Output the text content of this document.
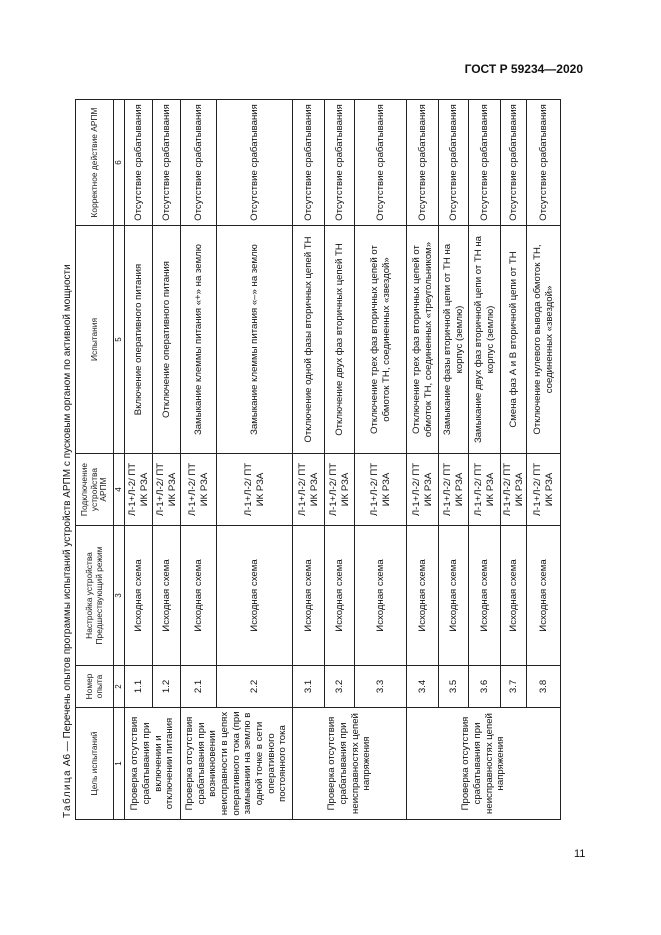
ГОСТ Р 59234—2020
Таблица А6 — Перечень опытов программы испытаний устройств АРПМ с пусковым органом по активной мощности Цель испытаний	Номер опыта	Настройка устройства Предшествующий режим	Подключение устройства АРПМ	Испытания	Корректное действие АРПМ
1	2	3	4	5	6
Проверка отсутствия срабатывания при включении и отключении питания	1.1	Исходная схема	Л-1+Л-2/ ПТ ИК РЗА	Включение оперативного питания	Отсутствие срабатывания
	1.2	Исходная схема	Л-1+Л-2/ ПТ ИК РЗА	Отключение оперативного питания	Отсутствие срабатывания
Проверка отсутствия срабатывания при возникновении неисправности в цепях оперативного тока (при замыкании на землю в одной точке в сети оперативного постоянного тока	2.1	Исходная схема	Л-1+Л-2/ ПТ ИК РЗА	Замыкание клеммы питания «+» на землю	Отсутствие срабатывания
	2.2	Исходная схема	Л-1+Л-2/ ПТ ИК РЗА	Замыкание клеммы питания «–» на землю	Отсутствие срабатывания
Проверка отсутствия срабатывания при неисправностях цепей напряжения	3.1	Исходная схема	Л-1+Л-2/ ПТ ИК РЗА	Отключение одной фазы вторичных цепей ТН	Отсутствие срабатывания
	3.2	Исходная схема	Л-1+Л-2/ ПТ ИК РЗА	Отключение двух фаз вторичных цепей ТН	Отсутствие срабатывания
	3.3	Исходная схема	Л-1+Л-2/ ПТ ИК РЗА	Отключение трех фаз вторичных цепей от обмоток ТН, соединенных «звездой»	Отсутствие срабатывания
Проверка отсутствия срабатывания при неисправностях цепей напряжения	3.4	Исходная схема	Л-1+Л-2/ ПТ ИК РЗА	Отключение трех фаз вторичных цепей от обмоток ТН, соединенных «треугольником»	Отсутствие срабатывания
	3.5	Исходная схема	Л-1+Л-2/ ПТ ИК РЗА	Замыкание фазы вторичной цепи от ТН на корпус (землю)	Отсутствие срабатывания
	3.6	Исходная схема	Л-1+Л-2/ ПТ ИК РЗА	Замыкание двух фаз вторичной цепи от ТН на корпус (землю)	Отсутствие срабатывания
	3.7	Исходная схема	Л-1+Л-2/ ПТ ИК РЗА	Смена фаз А и В вторичной цепи от ТН	Отсутствие срабатывания
	3.8	Исходная схема	Л-1+Л-2/ ПТ ИК РЗА	Отключение нулевого вывода обмоток ТН, соединенных «звездой»	Отсутствие срабатывания
11
